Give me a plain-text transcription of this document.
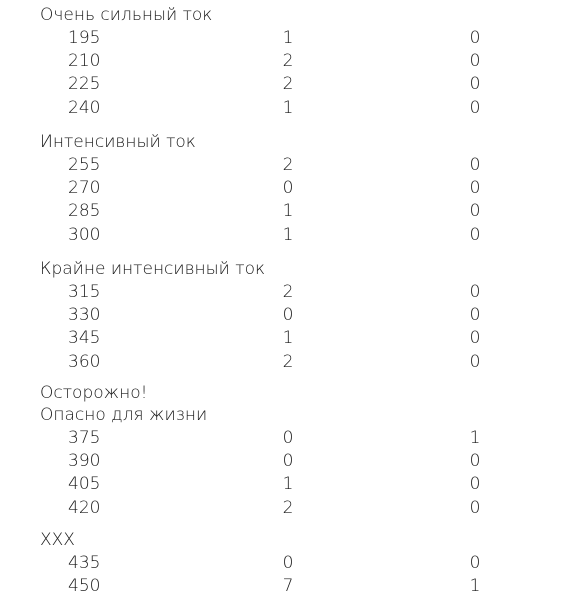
Очень сильный ток
195	1	0
210	2	0
225	2	0
240	1	0
Интенсивный ток
255	2	0
270	0	0
285	1	0
300	1	0
Крайне интенсивный ток
315	2	0
330	0	0
345	1	0
360	2	0
Осторожно!
Опасно для жизни
375	0	1
390	0	0
405	1	0
420	2	0
XXX
435	0	0
450	7	1
